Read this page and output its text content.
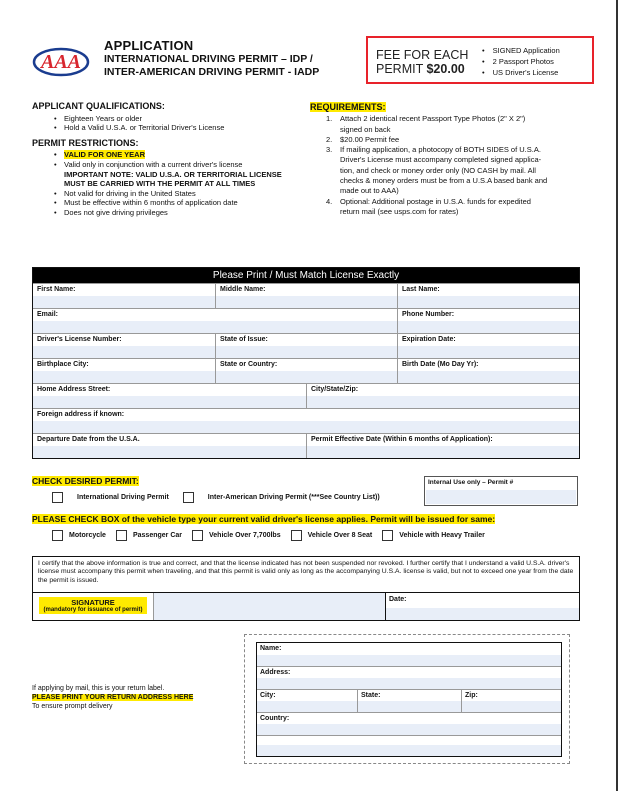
AAA
APPLICATION
INTERNATIONAL DRIVING PERMIT – IDP /
INTER-AMERICAN DRIVING PERMIT - IADP
FEE FOR EACH
PERMIT $20.00
• SIGNED Application
• 2 Passport Photos
• US Driver's License
APPLICANT QUALIFICATIONS:
• Eighteen Years or older
• Hold a Valid U.S.A. or Territorial Driver's License
PERMIT RESTRICTIONS:
• VALID FOR ONE YEAR
• Valid only in conjunction with a current driver's license
IMPORTANT NOTE: VALID U.S.A. OR TERRITORIAL LICENSE
MUST BE CARRIED WITH THE PERMIT AT ALL TIMES
• Not valid for driving in the United States
• Must be effective within 6 months of application date
• Does not give driving privileges
REQUIREMENTS:
1. Attach 2 identical recent Passport Type Photos (2" X 2")
signed on back
2. $20.00 Permit fee
3. If mailing application, a photocopy of BOTH SIDES of U.S.A.
Driver's License must accompany completed signed applica-
tion, and check or money order only (NO CASH by mail. All
checks & money orders must be from a U.S.A based bank and
made out to AAA)
4. Optional: Additional postage in U.S.A. funds for expedited
return mail (see usps.com for rates)
Please Print / Must Match License Exactly
First Name:	Middle Name:	Last Name:
Email:	Phone Number:
Driver's License Number:	State of Issue:	Expiration Date:
Birthplace City:	State or Country:	Birth Date (Mo Day Yr):
Home Address Street:	City/State/Zip:
Foreign address if known:
Departure Date from the U.S.A.	Permit Effective Date (Within 6 months of Application):
CHECK DESIRED PERMIT:	Internal Use only – Permit #
International Driving Permit	Inter-American Driving Permit (***See Country List))
PLEASE CHECK BOX of the vehicle type your current valid driver's license applies. Permit will be issued for same:
Motorcycle	Passenger Car	Vehicle Over 7,700lbs	Vehicle Over 8 Seat	Vehicle with Heavy Trailer
I certify that the above information is true and correct, and that the license indicated has not been suspended nor revoked. I further certify that I understand a valid U.S.A. driver's license must accompany this permit when traveling, and that this permit is valid only as long as the accompanying U.S.A. license is valid, but not to exceed one year from the date the permit is issued.
SIGNATURE
(mandatory for issuance of permit)
Date:
If applying by mail, this is your return label.
PLEASE PRINT YOUR RETURN ADDRESS HERE
To ensure prompt delivery
Name:
Address:
City:	State:	Zip:
Country:
